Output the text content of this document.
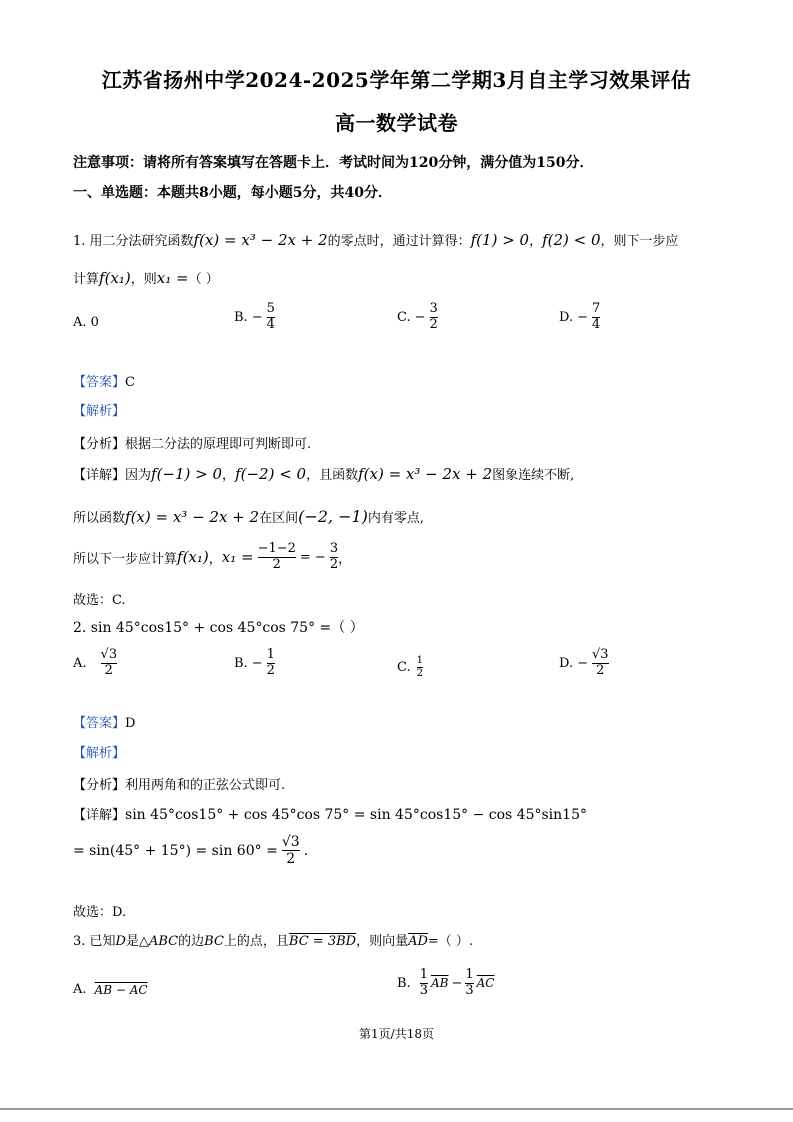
江苏省扬州中学2024-2025学年第二学期3月自主学习效果评估
高一数学试卷
注意事项：请将所有答案填写在答题卡上．考试时间为120分钟，满分值为150分．
一、单选题：本题共8小题，每小题5分，共40分．
1. 用二分法研究函数f(x) = x³ − 2x + 2的零点时，通过计算得：f(1) > 0，f(2) < 0，则下一步应
计算f(x₁)，则x₁ =（ ）
A. 0	B. − $\frac{5}{4}$	C. − $\frac{3}{2}$	D. − $\frac{7}{4}$
【答案】C
【解析】
【分析】根据二分法的原理即可判断即可.
【详解】因为f(−1) > 0，f(−2) < 0，且函数f(x) = x³ − 2x + 2图象连续不断,
所以函数f(x) = x³ − 2x + 2在区间(−2, −1)内有零点,
所以下一步应计算 f(x₁) ， $x_1 = \frac{-1-2}{2}$ = − $\frac{3}{2}$ ，
故选：C.
2. sin 45°cos15° + cos 45°cos 75° =（ ）
A. $\frac{√3}{2}$	B. − $\frac{1}{2}$	C. $\frac{1}{2}$	D. − $\frac{√3}{2}$
【答案】D
【解析】
【分析】利用两角和的正弦公式即可.
【详解】sin 45°cos15° + cos 45°cos 75° = sin 45°cos15° − cos 45°sin15°
= $\sin(45^\circ + 15^\circ) = \sin 60^\circ = \frac{√3}{2}$ .
故选：D.
3. 已知D是△ABC的边BC上的点，且BC = 3BD，则向量$\overline{AD}=$（ ）.
A. AB − AC	B. $\frac{1}{3} \overline{AB} - \frac{1}{3} \overline{AC}$
第1页/共18页
